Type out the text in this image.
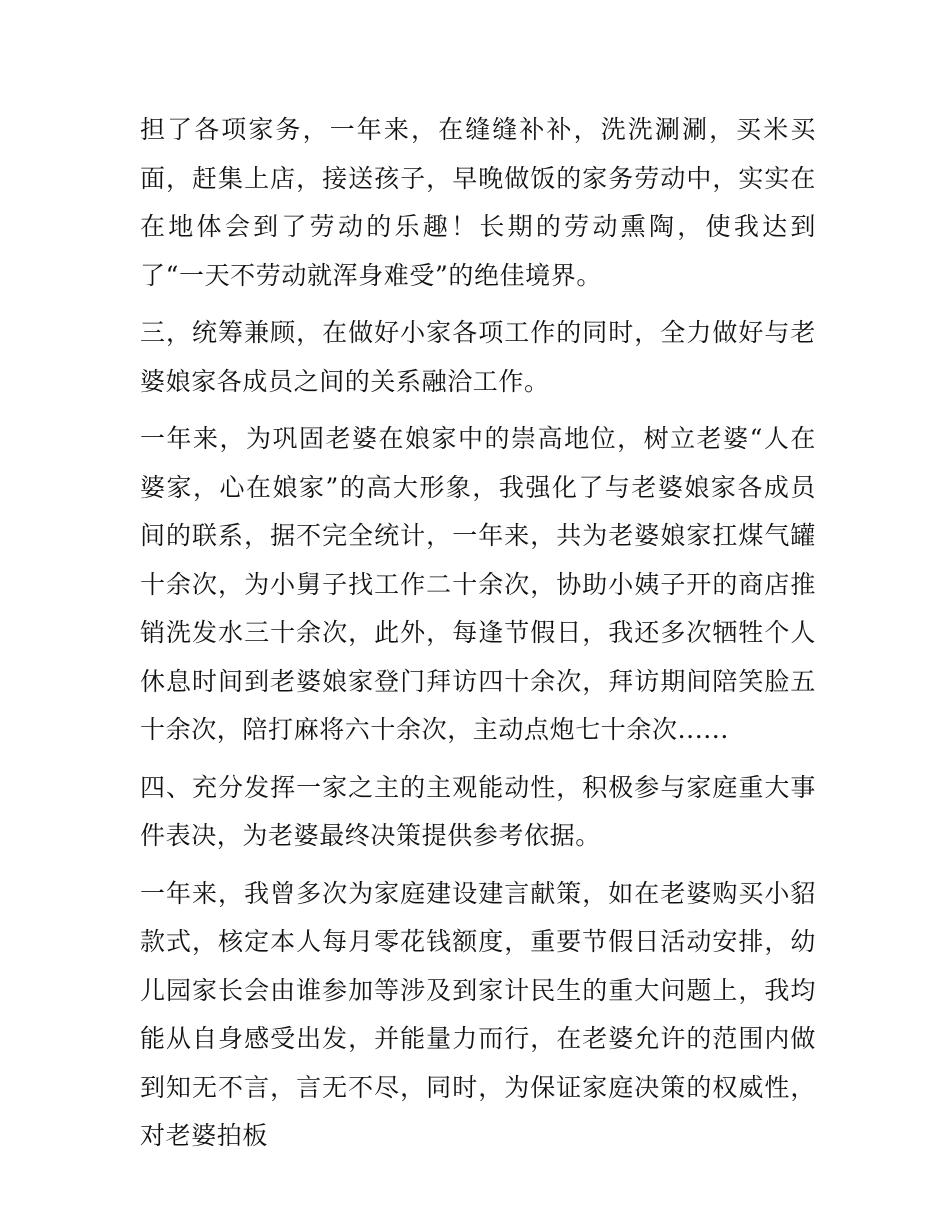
担了各项家务，一年来，在缝缝补补，洗洗涮涮，买米买面，赶集上店，接送孩子，早晚做饭的家务劳动中，实实在在地体会到了劳动的乐趣！长期的劳动熏陶，使我达到了“一天不劳动就浑身难受”的绝佳境界。

三，统筹兼顾，在做好小家各项工作的同时，全力做好与老婆娘家各成员之间的关系融洽工作。

一年来，为巩固老婆在娘家中的崇高地位，树立老婆“人在婆家，心在娘家”的高大形象，我强化了与老婆娘家各成员间的联系，据不完全统计，一年来，共为老婆娘家扛煤气罐十余次，为小舅子找工作二十余次，协助小姨子开的商店推销洗发水三十余次，此外，每逢节假日，我还多次牺牲个人休息时间到老婆娘家登门拜访四十余次，拜访期间陪笑脸五十余次，陪打麻将六十余次，主动点炮七十余次......

四、充分发挥一家之主的主观能动性，积极参与家庭重大事件表决，为老婆最终决策提供参考依据。

一年来，我曾多次为家庭建设建言献策，如在老婆购买小貂款式，核定本人每月零花钱额度，重要节假日活动安排，幼儿园家长会由谁参加等涉及到家计民生的重大问题上，我均能从自身感受出发，并能量力而行，在老婆允许的范围内做到知无不言，言无不尽，同时，为保证家庭决策的权威性，对老婆拍板
